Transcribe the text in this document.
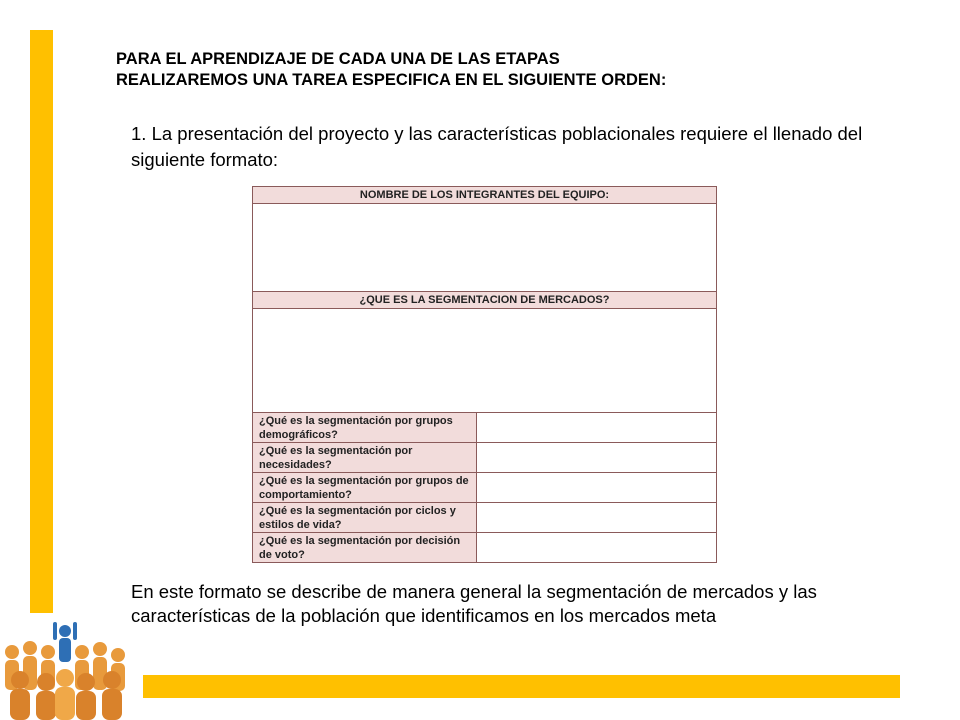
PARA EL APRENDIZAJE DE CADA UNA DE LAS ETAPAS
REALIZAREMOS UNA TAREA ESPECIFICA EN EL SIGUIENTE ORDEN:
1. La presentación del proyecto y las características poblacionales requiere el llenado del siguiente formato:
NOMBRE DE LOS INTEGRANTES DEL EQUIPO:
¿QUE ES LA SEGMENTACION DE MERCADOS?
¿Qué es la segmentación por grupos demográficos?
¿Qué es la segmentación por necesidades?
¿Qué es la segmentación por grupos de comportamiento?
¿Qué es la segmentación por ciclos y estilos de vida?
¿Qué es la segmentación por decisión de voto?
En este formato se describe de manera general la segmentación de mercados y las características de la población que identificamos en los mercados meta
